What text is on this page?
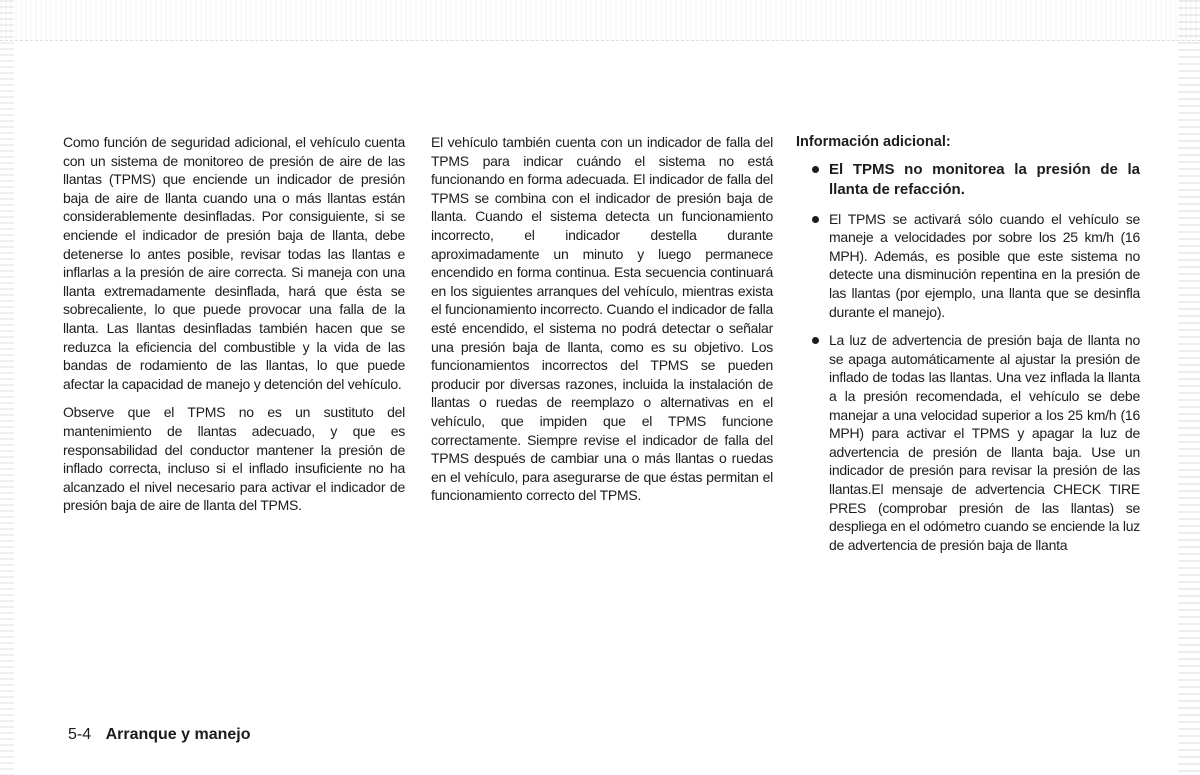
Como función de seguridad adicional, el vehículo cuenta con un sistema de monitoreo de presión de aire de las llantas (TPMS) que enciende un indicador de presión baja de aire de llanta cuando una o más llantas están considerablemente desinfladas. Por consiguiente, si se enciende el indicador de presión baja de llanta, debe detenerse lo antes posible, revisar todas las llantas e inflarlas a la presión de aire correcta. Si maneja con una llanta extremadamente desinflada, hará que ésta se sobrecaliente, lo que puede provocar una falla de la llanta. Las llantas desinfladas también hacen que se reduzca la eficiencia del combustible y la vida de las bandas de rodamiento de las llantas, lo que puede afectar la capacidad de manejo y detención del vehículo.

Observe que el TPMS no es un sustituto del mantenimiento de llantas adecuado, y que es responsabilidad del conductor mantener la presión de inflado correcta, incluso si el inflado insuficiente no ha alcanzado el nivel necesario para activar el indicador de presión baja de aire de llanta del TPMS.

El vehículo también cuenta con un indicador de falla del TPMS para indicar cuándo el sistema no está funcionando en forma adecuada. El indicador de falla del TPMS se combina con el indicador de presión baja de llanta. Cuando el sistema detecta un funcionamiento incorrecto, el indicador destella durante aproximadamente un minuto y luego permanece encendido en forma continua. Esta secuencia continuará en los siguientes arranques del vehículo, mientras exista el funcionamiento incorrecto. Cuando el indicador de falla esté encendido, el sistema no podrá detectar o señalar una presión baja de llanta, como es su objetivo. Los funcionamientos incorrectos del TPMS se pueden producir por diversas razones, incluida la instalación de llantas o ruedas de reemplazo o alternativas en el vehículo, que impiden que el TPMS funcione correctamente. Siempre revise el indicador de falla del TPMS después de cambiar una o más llantas o ruedas en el vehículo, para asegurarse de que éstas permitan el funcionamiento correcto del TPMS.

Información adicional:
El TPMS no monitorea la presión de la llanta de refacción.
El TPMS se activará sólo cuando el vehículo se maneje a velocidades por sobre los 25 km/h (16 MPH). Además, es posible que este sistema no detecte una disminución repentina en la presión de las llantas (por ejemplo, una llanta que se desinfla durante el manejo).
La luz de advertencia de presión baja de llanta no se apaga automáticamente al ajustar la presión de inflado de todas las llantas. Una vez inflada la llanta a la presión recomendada, el vehículo se debe manejar a una velocidad superior a los 25 km/h (16 MPH) para activar el TPMS y apagar la luz de advertencia de presión de llanta baja. Use un indicador de presión para revisar la presión de las llantas.El mensaje de advertencia CHECK TIRE PRES (comprobar presión de las llantas) se despliega en el odómetro cuando se enciende la luz de advertencia de presión baja de llanta
5-4 Arranque y manejo
